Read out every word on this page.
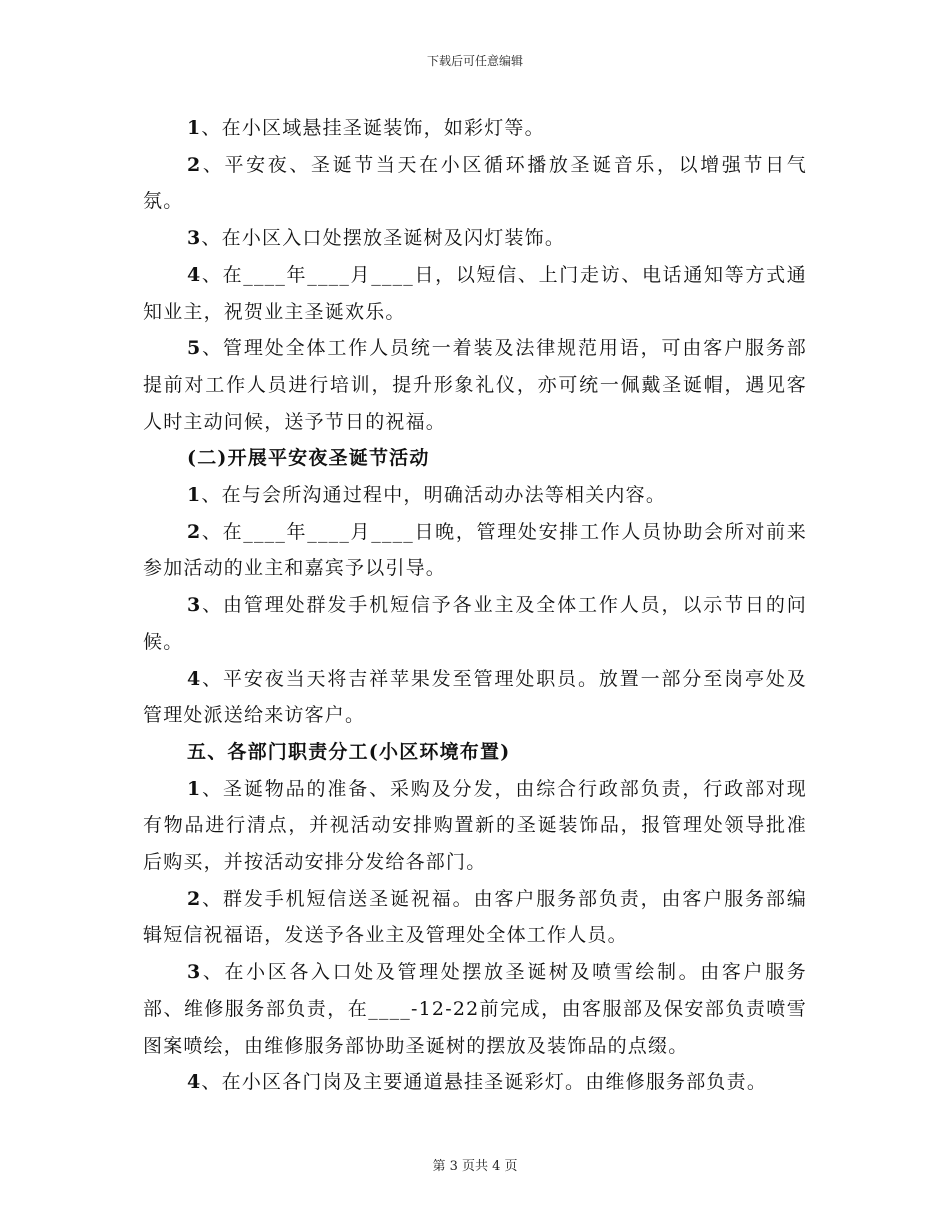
下载后可任意编辑

1、在小区域悬挂圣诞装饰，如彩灯等。

2、平安夜、圣诞节当天在小区循环播放圣诞音乐，以增强节日气氛。

3、在小区入口处摆放圣诞树及闪灯装饰。

4、在____年____月____日，以短信、上门走访、电话通知等方式通知业主，祝贺业主圣诞欢乐。

5、管理处全体工作人员统一着装及法律规范用语，可由客户服务部提前对工作人员进行培训，提升形象礼仪，亦可统一佩戴圣诞帽，遇见客人时主动问候，送予节日的祝福。

(二)开展平安夜圣诞节活动

1、在与会所沟通过程中，明确活动办法等相关内容。

2、在____年____月____日晚，管理处安排工作人员协助会所对前来参加活动的业主和嘉宾予以引导。

3、由管理处群发手机短信予各业主及全体工作人员，以示节日的问候。

4、平安夜当天将吉祥苹果发至管理处职员。放置一部分至岗亭处及管理处派送给来访客户。

五、各部门职责分工(小区环境布置)

1、圣诞物品的准备、采购及分发，由综合行政部负责，行政部对现有物品进行清点，并视活动安排购置新的圣诞装饰品，报管理处领导批准后购买，并按活动安排分发给各部门。

2、群发手机短信送圣诞祝福。由客户服务部负责，由客户服务部编辑短信祝福语，发送予各业主及管理处全体工作人员。

3、在小区各入口处及管理处摆放圣诞树及喷雪绘制。由客户服务部、维修服务部负责，在____-12-22前完成，由客服部及保安部负责喷雪图案喷绘，由维修服务部协助圣诞树的摆放及装饰品的点缀。

4、在小区各门岗及主要通道悬挂圣诞彩灯。由维修服务部负责。

第 3 页共 4 页
